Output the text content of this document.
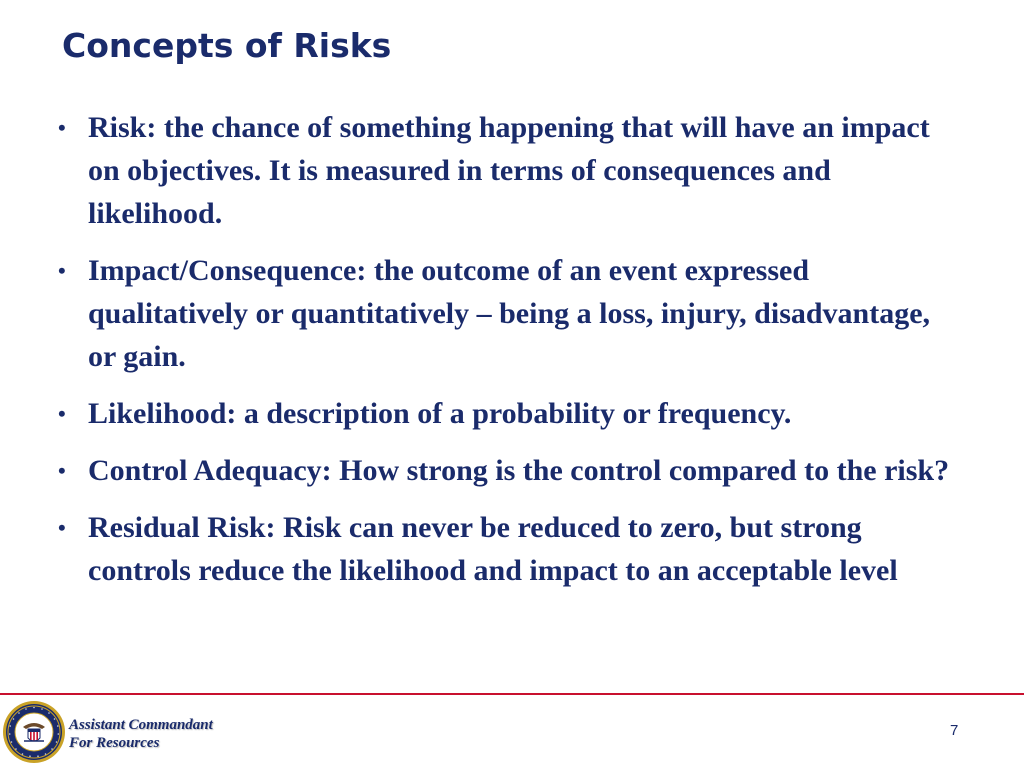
Concepts of Risks
• Risk: the chance of something happening that will have an impact on objectives. It is measured in terms of consequences and likelihood.
• Impact/Consequence: the outcome of an event expressed qualitatively or quantitatively – being a loss, injury, disadvantage, or gain.
• Likelihood: a description of a probability or frequency.
• Control Adequacy: How strong is the control compared to the risk?
• Residual Risk: Risk can never be reduced to zero, but strong controls reduce the likelihood and impact to an acceptable level
Assistant Commandant
For Resources
7
